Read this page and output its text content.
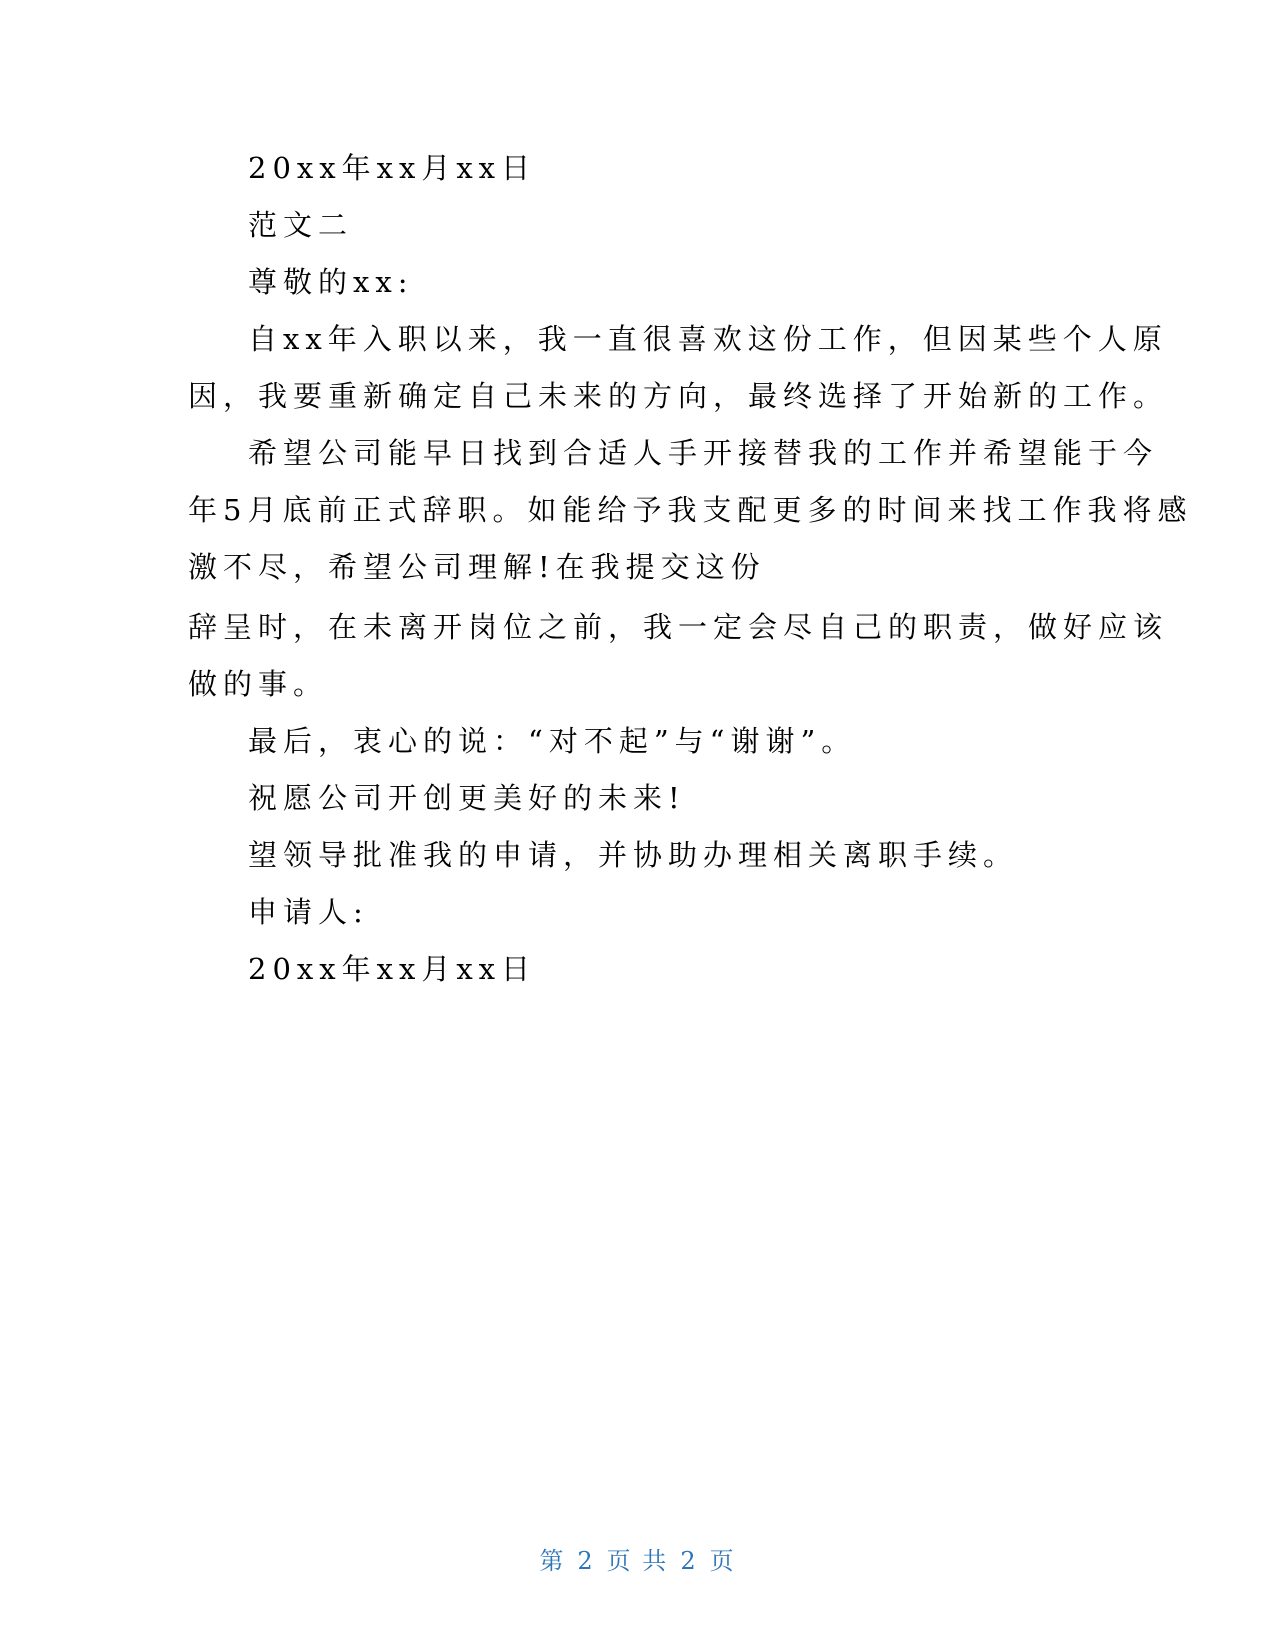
20xx年xx月xx日
范文二
尊敬的xx:
自xx年入职以来，我一直很喜欢这份工作，但因某些个人原
因，我要重新确定自己未来的方向，最终选择了开始新的工作。
希望公司能早日找到合适人手开接替我的工作并希望能于今
年5月底前正式辞职。如能给予我支配更多的时间来找工作我将感
激不尽，希望公司理解!在我提交这份
辞呈时，在未离开岗位之前，我一定会尽自己的职责，做好应该
做的事。
最后，衷心的说：“对不起”与“谢谢”。
祝愿公司开创更美好的未来!
望领导批准我的申请，并协助办理相关离职手续。
申请人:
20xx年xx月xx日
第 2 页 共 2 页
